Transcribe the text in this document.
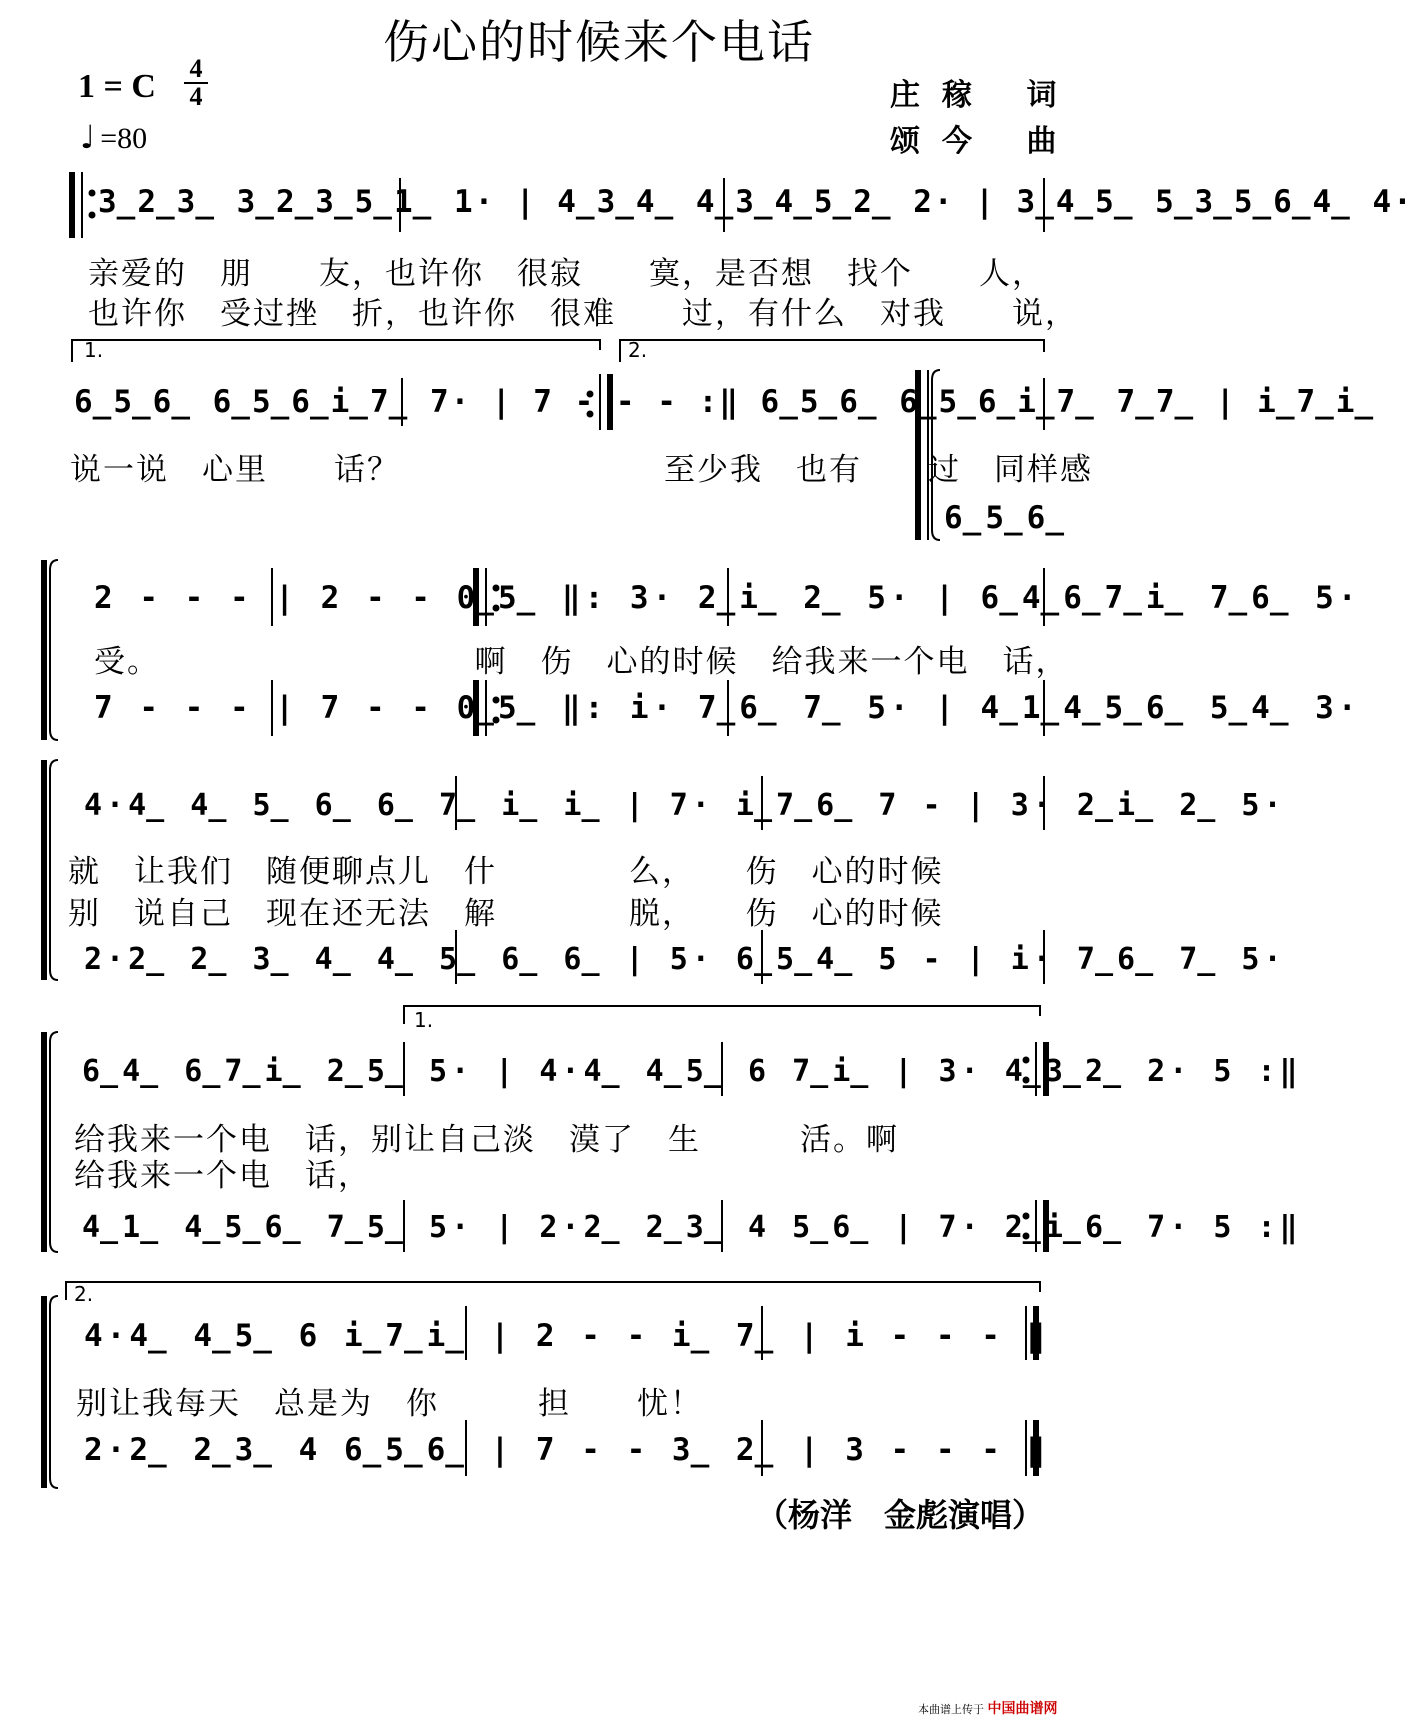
伤心的时候来个电话
1 = C 4
4
♩ =80
庄稼 词
颂今 曲
1.	2.
1.
2.
3̲2̲3̲ 3̲2̲3̲5̲1̲ 1· | 4̲3̲4̲ 4̲3̲4̲5̲2̲ 2· | 3̲4̲5̲ 5̲3̲5̲6̲4̲ 4·
亲爱的　朋　　友，也许你　很寂　　寞，是否想　找个　　人，
也许你　受过挫　折，也许你　很难　　过，有什么　对我　　说，
6̲5̲6̲ 6̲5̲6̲i̲7̲ 7· | 7 - - - :‖ 6̲5̲6̲ 6̲5̲6̲i̲7̲ 7̲7̲ | i̲7̲i̲
说一说　心里　　话？　　　　　　　　至少我　也有　　过　同样感
6̲5̲6̲
2 - - - | 2 - - 0̲5̲ ‖: 3· 2̲i̲ 2̲ 5· | 6̲4̲6̲7̲i̲ 7̲6̲ 5·
受。　　　　　　　　　　啊　伤　心的时候　给我来一个电　话，
7 - - - | 7 - - 0̲5̲ ‖: i· 7̲6̲ 7̲ 5· | 4̲1̲4̲5̲6̲ 5̲4̲ 3·
4·4̲ 4̲ 5̲ 6̲ 6̲ 7̲ i̲ i̲ | 7· i̲7̲6̲ 7 - | 3· 2̲i̲ 2̲ 5·
就　让我们　随便聊点儿　什　　　　么，　　伤　心的时候
别　说自己　现在还无法　解　　　　脱，　　伤　心的时候
2·2̲ 2̲ 3̲ 4̲ 4̲ 5̲ 6̲ 6̲ | 5· 6̲5̲4̲ 5 - | i· 7̲6̲ 7̲ 5·
6̲4̲ 6̲7̲i̲ 2̲5̲ 5· | 4·4̲ 4̲5̲ 6 7̲i̲ | 3· 4̲3̲2̲ 2· 5 :‖
给我来一个电　话，别让自己淡　漠了　生　　　活。啊
给我来一个电　话，
4̲1̲ 4̲5̲6̲ 7̲5̲ 5· | 2·2̲ 2̲3̲ 4 5̲6̲ | 7· 2̲i̲6̲ 7· 5 :‖
4·4̲ 4̲5̲ 6 i̲7̲i̲ | 2 - - i̲ 7̲ | i - - - ‖
别让我每天　总是为　你　　　担　　忧！
2·2̲ 2̲3̲ 4 6̲5̲6̲ | 7 - - 3̲ 2̲ | 3 - - - ‖
（杨洋　金彪演唱）
本曲谱上传于 中国曲谱网
